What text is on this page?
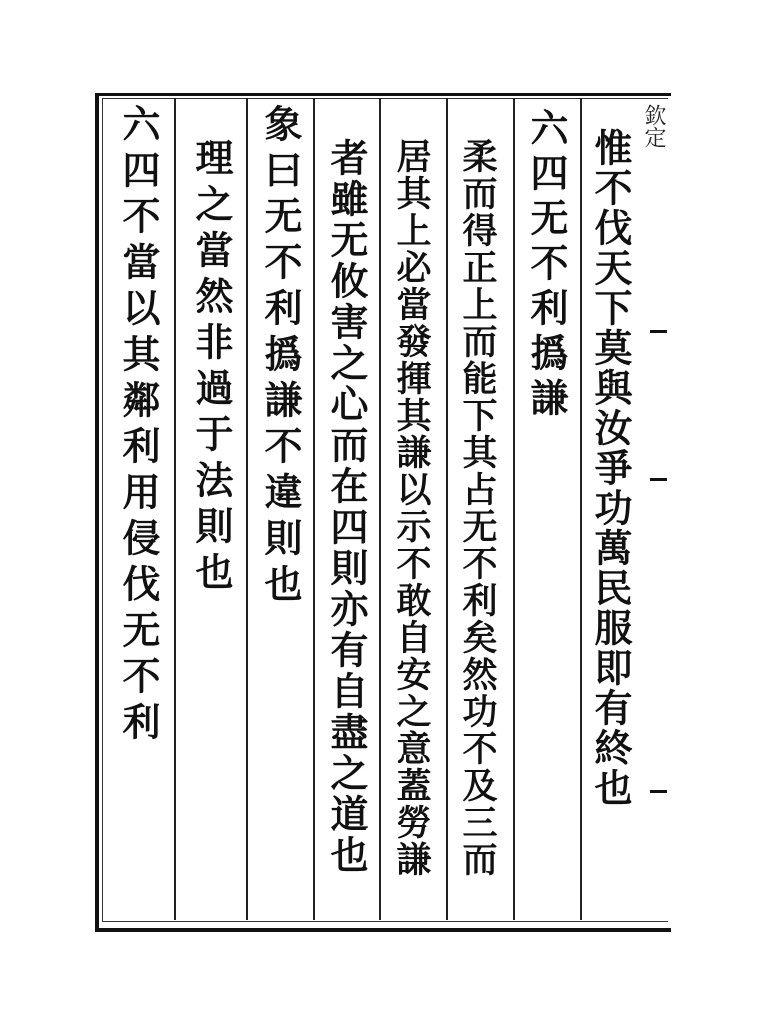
欽定
惟不伐天下莫與汝爭功萬民服即有終也
六四无不利撝謙
柔而得正上而能下其占无不利矣然功不及三而
居其上必當發揮其謙以示不敢自安之意蓋勞謙
者雖无攸害之心而在四則亦有自盡之道也
象曰无不利撝謙不違則也
理之當然非過于法則也
六四不當以其鄰利用侵伐无不利
